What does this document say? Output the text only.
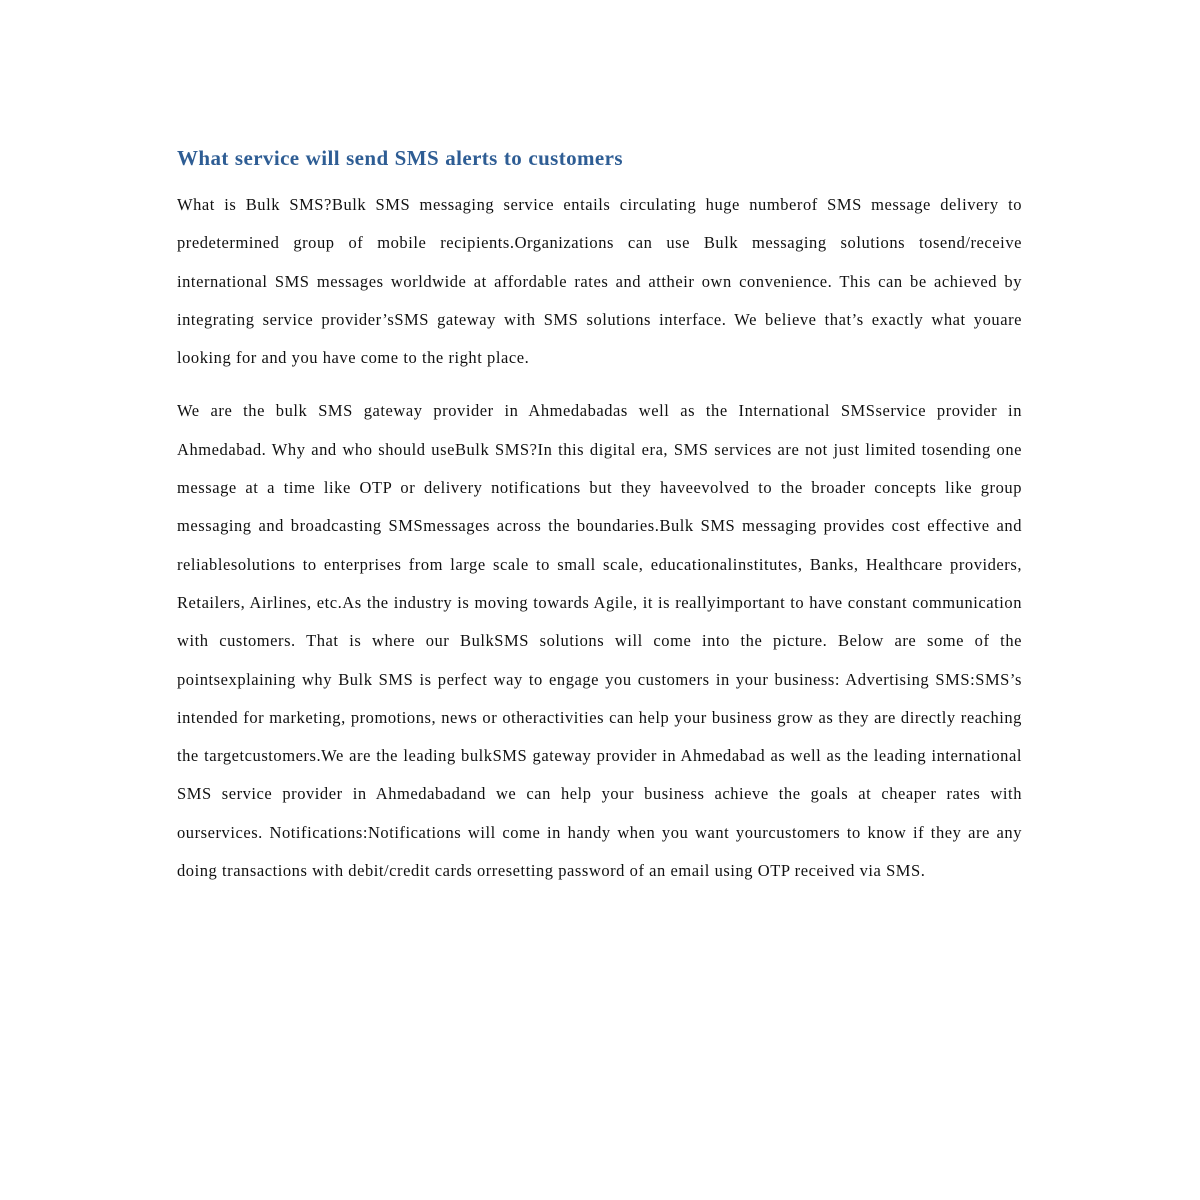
What service will send SMS alerts to customers

What is Bulk SMS?Bulk SMS messaging service entails circulating huge numberof SMS message delivery to predetermined group of mobile recipients.Organizations can use Bulk messaging solutions tosend/receive international SMS messages worldwide at affordable rates and attheir own convenience. This can be achieved by integrating service provider’sSMS gateway with SMS solutions interface. We believe that’s exactly what youare looking for and you have come to the right place.

We are the bulk SMS gateway provider in Ahmedabadas well as the International SMSservice provider in Ahmedabad. Why and who should useBulk SMS?In this digital era, SMS services are not just limited tosending one message at a time like OTP or delivery notifications but they haveevolved to the broader concepts like group messaging and broadcasting SMSmessages across the boundaries.Bulk SMS messaging provides cost effective and reliablesolutions to enterprises from large scale to small scale, educationalinstitutes, Banks, Healthcare providers, Retailers, Airlines, etc.As the industry is moving towards Agile, it is reallyimportant to have constant communication with customers. That is where our BulkSMS solutions will come into the picture. Below are some of the pointsexplaining why Bulk SMS is perfect way to engage you customers in your business: Advertising SMS:SMS’s intended for marketing, promotions, news or otheractivities can help your business grow as they are directly reaching the targetcustomers.We are the leading bulkSMS gateway provider in Ahmedabad as well as the leading international SMS service provider in Ahmedabadand we can help your business achieve the goals at cheaper rates with ourservices. Notifications:Notifications will come in handy when you want yourcustomers to know if they are any doing transactions with debit/credit cards orresetting password of an email using OTP received via SMS.
